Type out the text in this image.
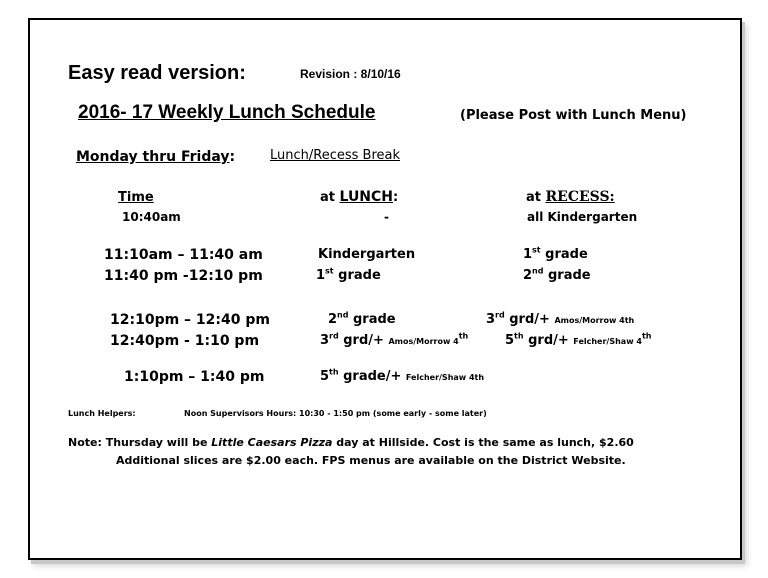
Easy read version:	Revision : 8/10/16
2016- 17 Weekly Lunch Schedule	(Please Post with Lunch Menu)
Monday thru Friday:	Lunch/Recess Break
Time	at LUNCH:	at RECESS:
10:40am	-	all Kindergarten
11:10am – 11:40 am	Kindergarten	1st grade
11:40 pm -12:10 pm	1st grade	2nd grade
12:10pm – 12:40 pm	2nd grade	3rd grd/+ Amos/Morrow 4th
12:40pm - 1:10 pm	3rd grd/+ Amos/Morrow 4th	5th grd/+ Felcher/Shaw 4th
1:10pm – 1:40 pm	5th grade/+ Felcher/Shaw 4th
Lunch Helpers:	Noon Supervisors Hours: 10:30 - 1:50 pm (some early - some later)
Note: Thursday will be Little Caesars Pizza day at Hillside. Cost is the same as lunch, $2.60
Additional slices are $2.00 each. FPS menus are available on the District Website.
